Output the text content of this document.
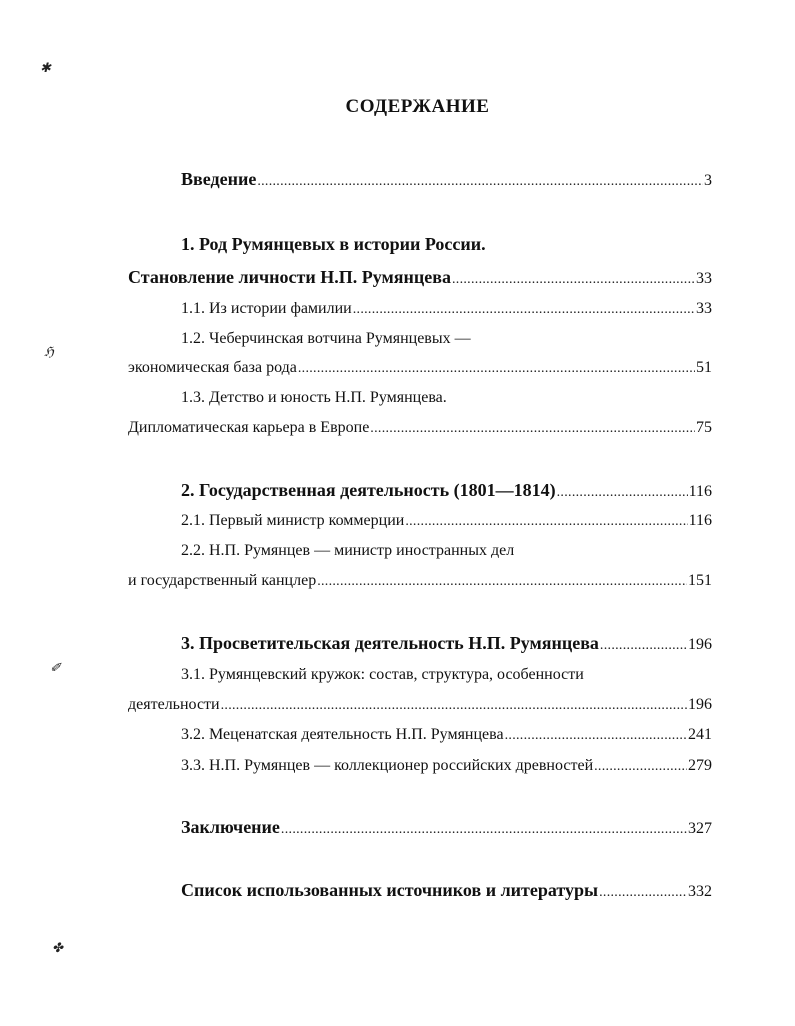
✱
ℌ
✐
✤
СОДЕРЖАНИЕ
Введение .....	3
1. Род Румянцевых в истории России.
Становление личности Н.П. Румянцева .....	33
1.1. Из истории фамилии .....	33
1.2. Чеберчинская вотчина Румянцевых —
экономическая база рода .....	51
1.3. Детство и юность Н.П. Румянцева.
Дипломатическая карьера в Европе .....	75
2. Государственная деятельность (1801—1814) .....	116
2.1. Первый министр коммерции .....	116
2.2. Н.П. Румянцев — министр иностранных дел
и государственный канцлер .....	151
3. Просветительская деятельность Н.П. Румянцева .....	196
3.1. Румянцевский кружок: состав, структура, особенности
деятельности .....	196
3.2. Меценатская деятельность Н.П. Румянцева .....	241
3.3. Н.П. Румянцев — коллекционер российских древностей .....	279
Заключение .....	327
Список использованных источников и литературы .....	332
